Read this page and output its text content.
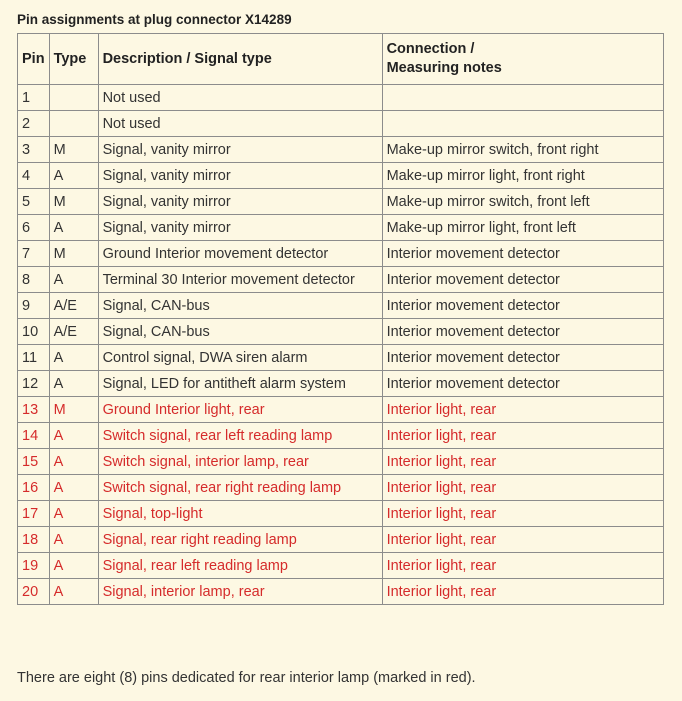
Pin assignments at plug connector X14289
Pin	Type	Description / Signal type	Connection /
Measuring notes

1		Not used	
2		Not used	
3	M	Signal, vanity mirror	Make-up mirror switch, front right
4	A	Signal, vanity mirror	Make-up mirror light, front right
5	M	Signal, vanity mirror	Make-up mirror switch, front left
6	A	Signal, vanity mirror	Make-up mirror light, front left
7	M	Ground Interior movement detector	Interior movement detector
8	A	Terminal 30 Interior movement detector	Interior movement detector
9	A/E	Signal, CAN-bus	Interior movement detector
10	A/E	Signal, CAN-bus	Interior movement detector
11	A	Control signal, DWA siren alarm	Interior movement detector
12	A	Signal, LED for antitheft alarm system	Interior movement detector
13	M	Ground Interior light, rear	Interior light, rear
14	A	Switch signal, rear left reading lamp	Interior light, rear
15	A	Switch signal, interior lamp, rear	Interior light, rear
16	A	Switch signal, rear right reading lamp	Interior light, rear
17	A	Signal, top-light	Interior light, rear
18	A	Signal, rear right reading lamp	Interior light, rear
19	A	Signal, rear left reading lamp	Interior light, rear
20	A	Signal, interior lamp, rear	Interior light, rear
There are eight (8) pins dedicated for rear interior lamp (marked in red).
